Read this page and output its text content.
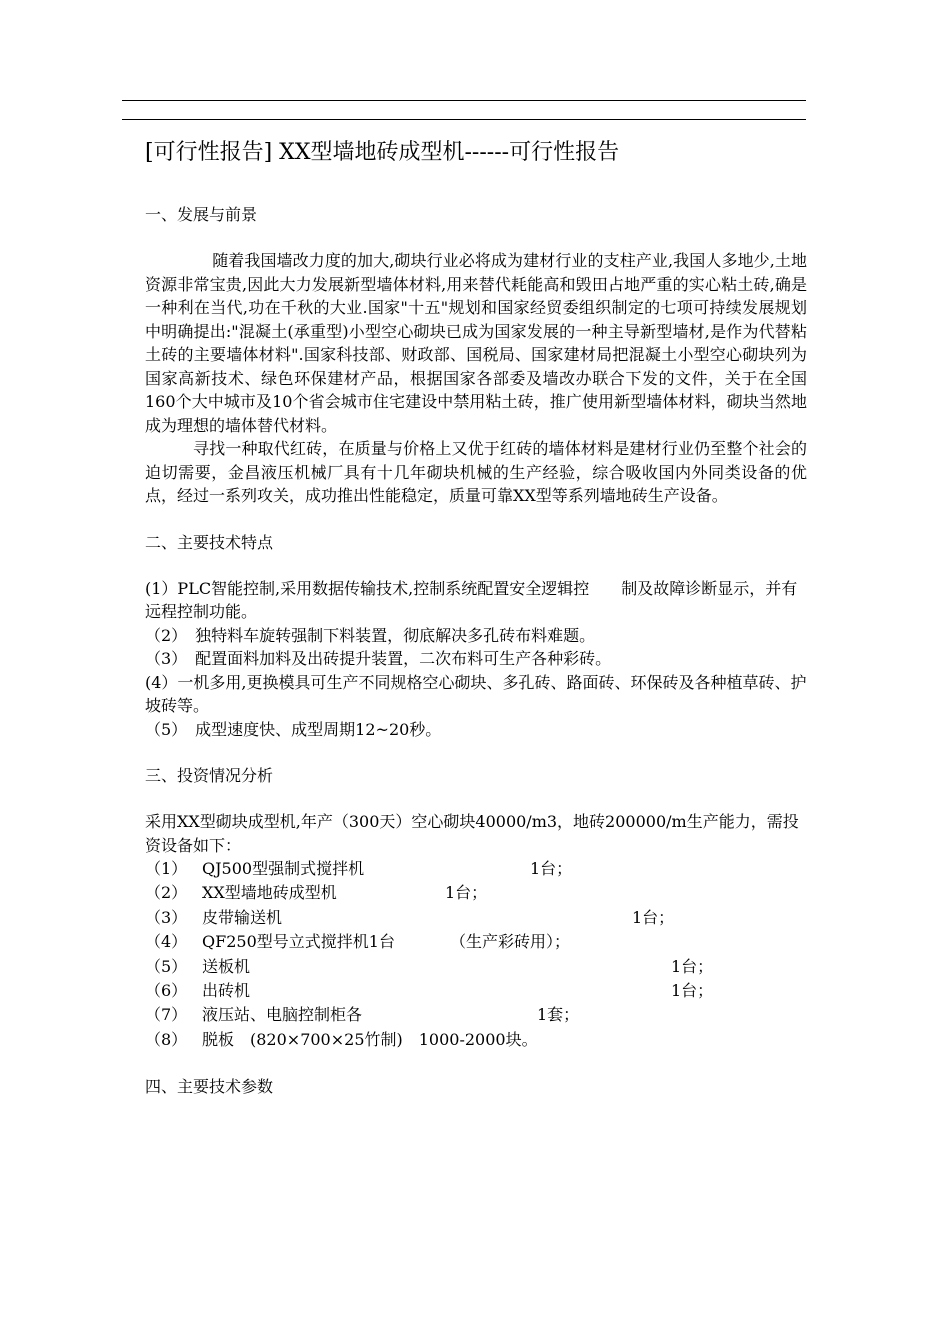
[可行性报告] XX型墙地砖成型机------可行性报告
一、发展与前景

随着我国墙改力度的加大,砌块行业必将成为建材行业的支柱产业,我国人多地少,土地资源非常宝贵,因此大力发展新型墙体材料,用来替代耗能高和毁田占地严重的实心粘土砖,确是一种利在当代,功在千秋的大业.国家"十五"规划和国家经贸委组织制定的七项可持续发展规划中明确提出:"混凝土(承重型)小型空心砌块已成为国家发展的一种主导新型墙材,是作为代替粘土砖的主要墙体材料".国家科技部、财政部、国税局、国家建材局把混凝土小型空心砌块列为国家高新技术、绿色环保建材产品，根据国家各部委及墙改办联合下发的文件，关于在全国160个大中城市及10个省会城市住宅建设中禁用粘土砖，推广使用新型墙体材料，砌块当然地成为理想的墙体替代材料。

寻找一种取代红砖，在质量与价格上又优于红砖的墙体材料是建材行业仍至整个社会的迫切需要，金昌液压机械厂具有十几年砌块机械的生产经验，综合吸收国内外同类设备的优点，经过一系列攻关，成功推出性能稳定，质量可靠XX型等系列墙地砖生产设备。

二、主要技术特点

(1）PLC智能控制,采用数据传输技术,控制系统配置安全逻辑控　　制及故障诊断显示，并有远程控制功能。

（2）　独特料车旋转强制下料装置，彻底解决多孔砖布料难题。

（3）　配置面料加料及出砖提升装置，二次布料可生产各种彩砖。

(4）一机多用,更换模具可生产不同规格空心砌块、多孔砖、路面砖、环保砖及各种植草砖、护坡砖等。

（5）　成型速度快、成型周期12~20秒。

三、投资情况分析

采用XX型砌块成型机,年产（300天）空心砌块40000/m3，地砖200000/m生产能力，需投资设备如下：

（1） QJ500型强制式搅拌机	1台；
（2） XX型墙地砖成型机	1台；
（3） 皮带输送机	1台；
（4） QF250型号立式搅拌机1台	（生产彩砖用）；
（5） 送板机	1台；
（6） 出砖机	1台；
（7） 液压站、电脑控制柜各	1套；
（8） 脱板　(820×700×25竹制)　1000-2000块。
四、主要技术参数
